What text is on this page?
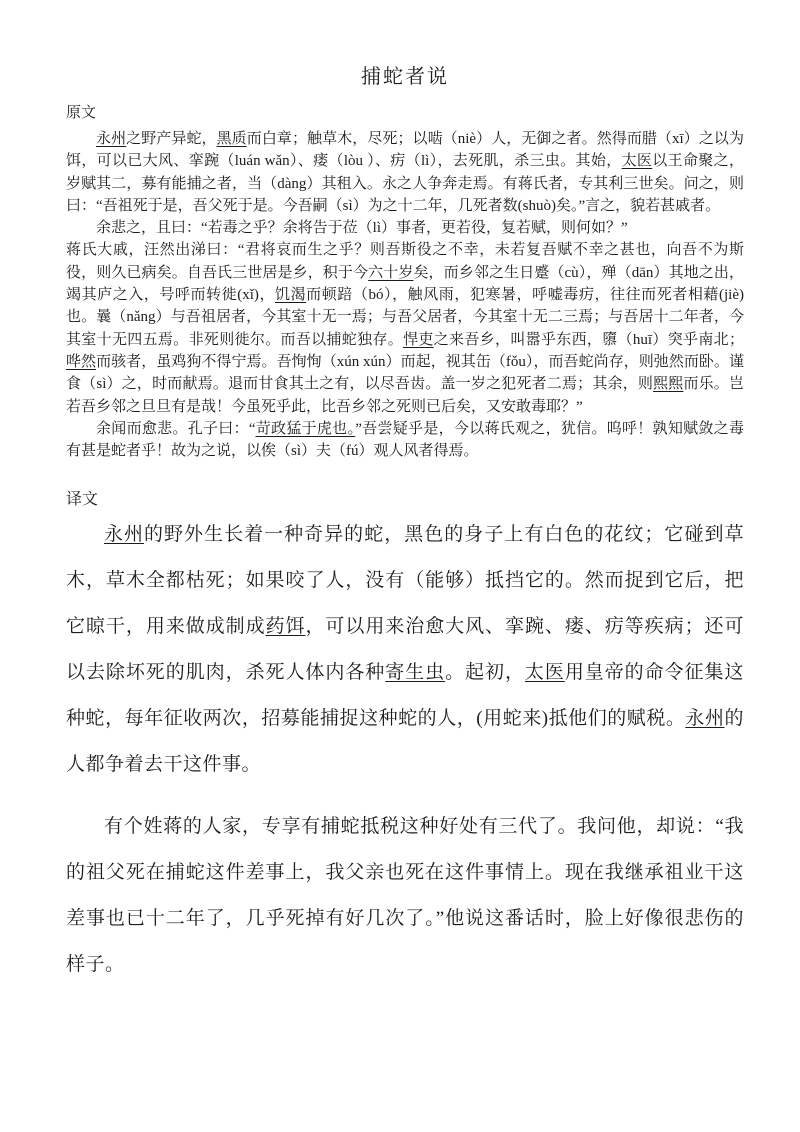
捕蛇者说
原文

永州之野产异蛇，黑质而白章；触草木，尽死；以啮（niè）人，无御之者。然得而腊（xī）之以为饵，可以已大风、挛踠（luán wǎn）、瘘（lòu ）、疠（lì），去死肌，杀三虫。其始，太医以王命聚之，岁赋其二，募有能捕之者，当（dàng）其租入。永之人争奔走焉。有蒋氏者，专其利三世矣。问之，则曰：“吾祖死于是，吾父死于是。今吾嗣（sì）为之十二年，几死者数(shuò)矣。”言之，貌若甚戚者。

余悲之，且曰：“若毒之乎？余将告于莅（lì）事者，更若役，复若赋，则何如？”

蒋氏大戚，汪然出涕曰：“君将哀而生之乎？则吾斯役之不幸，未若复吾赋不幸之甚也，向吾不为斯役，则久已病矣。自吾氏三世居是乡，积于今六十岁矣，而乡邻之生日蹙（cù），殚（dān）其地之出，竭其庐之入，号呼而转徙(xǐ)，饥渴而顿踣（bó），触风雨，犯寒暑，呼嘘毒疠，往往而死者相藉(jiè)也。曩（nǎng）与吾祖居者，今其室十无一焉；与吾父居者，今其室十无二三焉；与吾居十二年者，今其室十无四五焉。非死则徙尔。而吾以捕蛇独存。悍吏之来吾乡，叫嚣乎东西，隳（huī）突乎南北；哗然而骇者，虽鸡狗不得宁焉。吾恂恂（xún xún）而起，视其缶（fǒu），而吾蛇尚存，则弛然而卧。谨食（sì）之，时而献焉。退而甘食其土之有，以尽吾齿。盖一岁之犯死者二焉；其余，则熙熙而乐。岂若吾乡邻之旦旦有是哉！今虽死乎此，比吾乡邻之死则已后矣，又安敢毒耶？”

余闻而愈悲。孔子曰：“苛政猛于虎也。”吾尝疑乎是，今以蒋氏观之，犹信。呜呼！孰知赋敛之毒有甚是蛇者乎！故为之说，以俟（sì）夫（fú）观人风者得焉。

译文

永州的野外生长着一种奇异的蛇，黑色的身子上有白色的花纹；它碰到草木，草木全都枯死；如果咬了人，没有（能够）抵挡它的。然而捉到它后，把它晾干，用来做成制成药饵，可以用来治愈大风、挛踠、瘘、疠等疾病；还可以去除坏死的肌肉，杀死人体内各种寄生虫。起初，太医用皇帝的命令征集这种蛇，每年征收两次，招募能捕捉这种蛇的人，(用蛇来)抵他们的赋税。永州的人都争着去干这件事。

有个姓蒋的人家，专享有捕蛇抵税这种好处有三代了。我问他，却说：“我的祖父死在捕蛇这件差事上，我父亲也死在这件事情上。现在我继承祖业干这差事也已十二年了，几乎死掉有好几次了。”他说这番话时，脸上好像很悲伤的样子。
